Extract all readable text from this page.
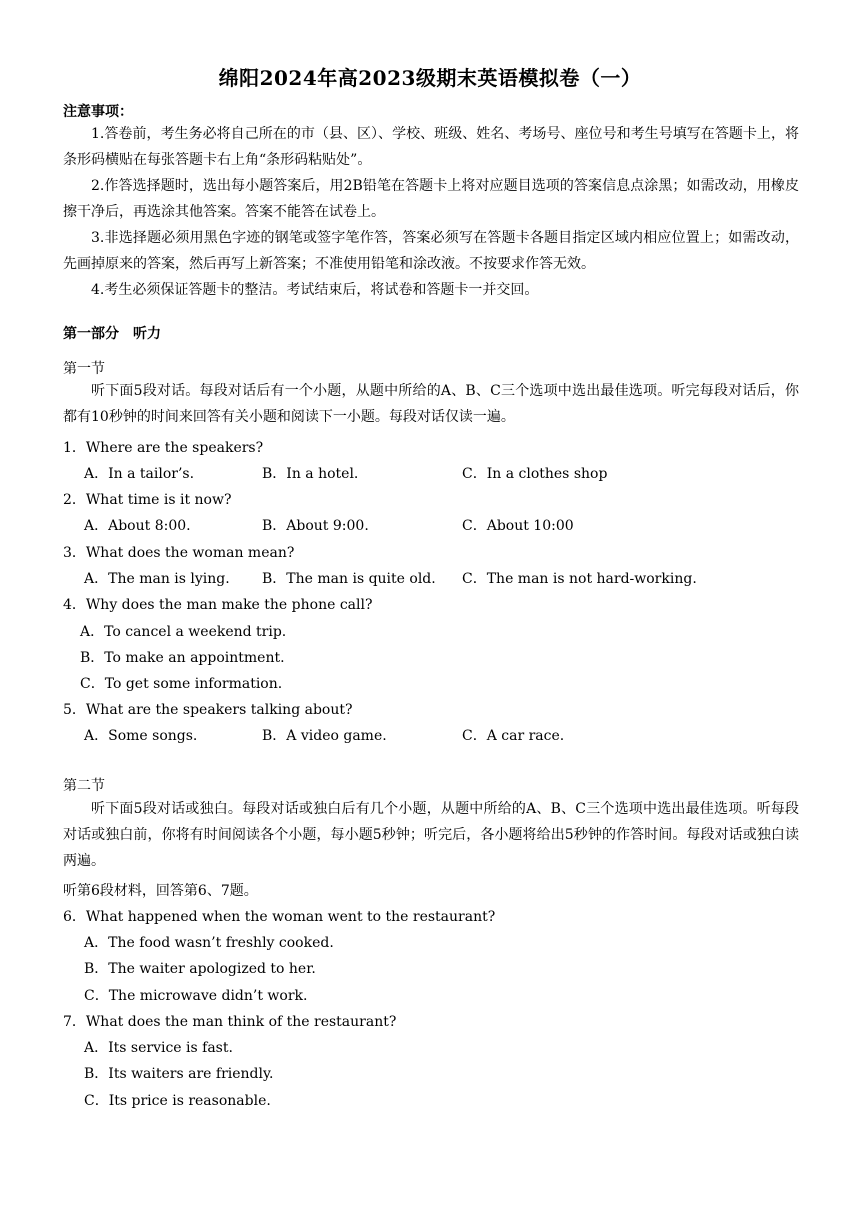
绵阳2024年高2023级期末英语模拟卷（一）
注意事项：

1.答卷前，考生务必将自己所在的市（县、区）、学校、班级、姓名、考场号、座位号和考生号填写在答题卡上，将条形码横贴在每张答题卡右上角“条形码粘贴处”。

2.作答选择题时，选出每小题答案后，用2B铅笔在答题卡上将对应题目选项的答案信息点涂黑；如需改动，用橡皮擦干净后，再选涂其他答案。答案不能答在试卷上。

3.非选择题必须用黑色字迹的钢笔或签字笔作答，答案必须写在答题卡各题目指定区域内相应位置上；如需改动，先画掉原来的答案，然后再写上新答案；不准使用铅笔和涂改液。不按要求作答无效。

4.考生必须保证答题卡的整洁。考试结束后，将试卷和答题卡一并交回。

第一部分　听力
第一节

听下面5段对话。每段对话后有一个小题，从题中所给的A、B、C三个选项中选出最佳选项。听完每段对话后，你都有10秒钟的时间来回答有关小题和阅读下一小题。每段对话仅读一遍。

1．Where are the speakers?
A．In a tailor’s.	B．In a hotel.	C．In a clothes shop
2．What time is it now?
A．About 8:00.	B．About 9:00.	C．About 10:00
3．What does the woman mean?
A．The man is lying. B．The man is quite old. C．The man is not hard-working.
4．Why does the man make the phone call?
A．To cancel a weekend trip.
B．To make an appointment.
C．To get some information.
5．What are the speakers talking about?
A．Some songs.	B．A video game.	C．A car race.
第二节

听下面5段对话或独白。每段对话或独白后有几个小题，从题中所给的A、B、C三个选项中选出最佳选项。听每段对话或独白前，你将有时间阅读各个小题，每小题5秒钟；听完后，各小题将给出5秒钟的作答时间。每段对话或独白读两遍。

听第6段材料，回答第6、7题。
6．What happened when the woman went to the restaurant?
A．The food wasn’t freshly cooked.
B．The waiter apologized to her.
C．The microwave didn’t work.
7．What does the man think of the restaurant?
A．Its service is fast.
B．Its waiters are friendly.
C．Its price is reasonable.
